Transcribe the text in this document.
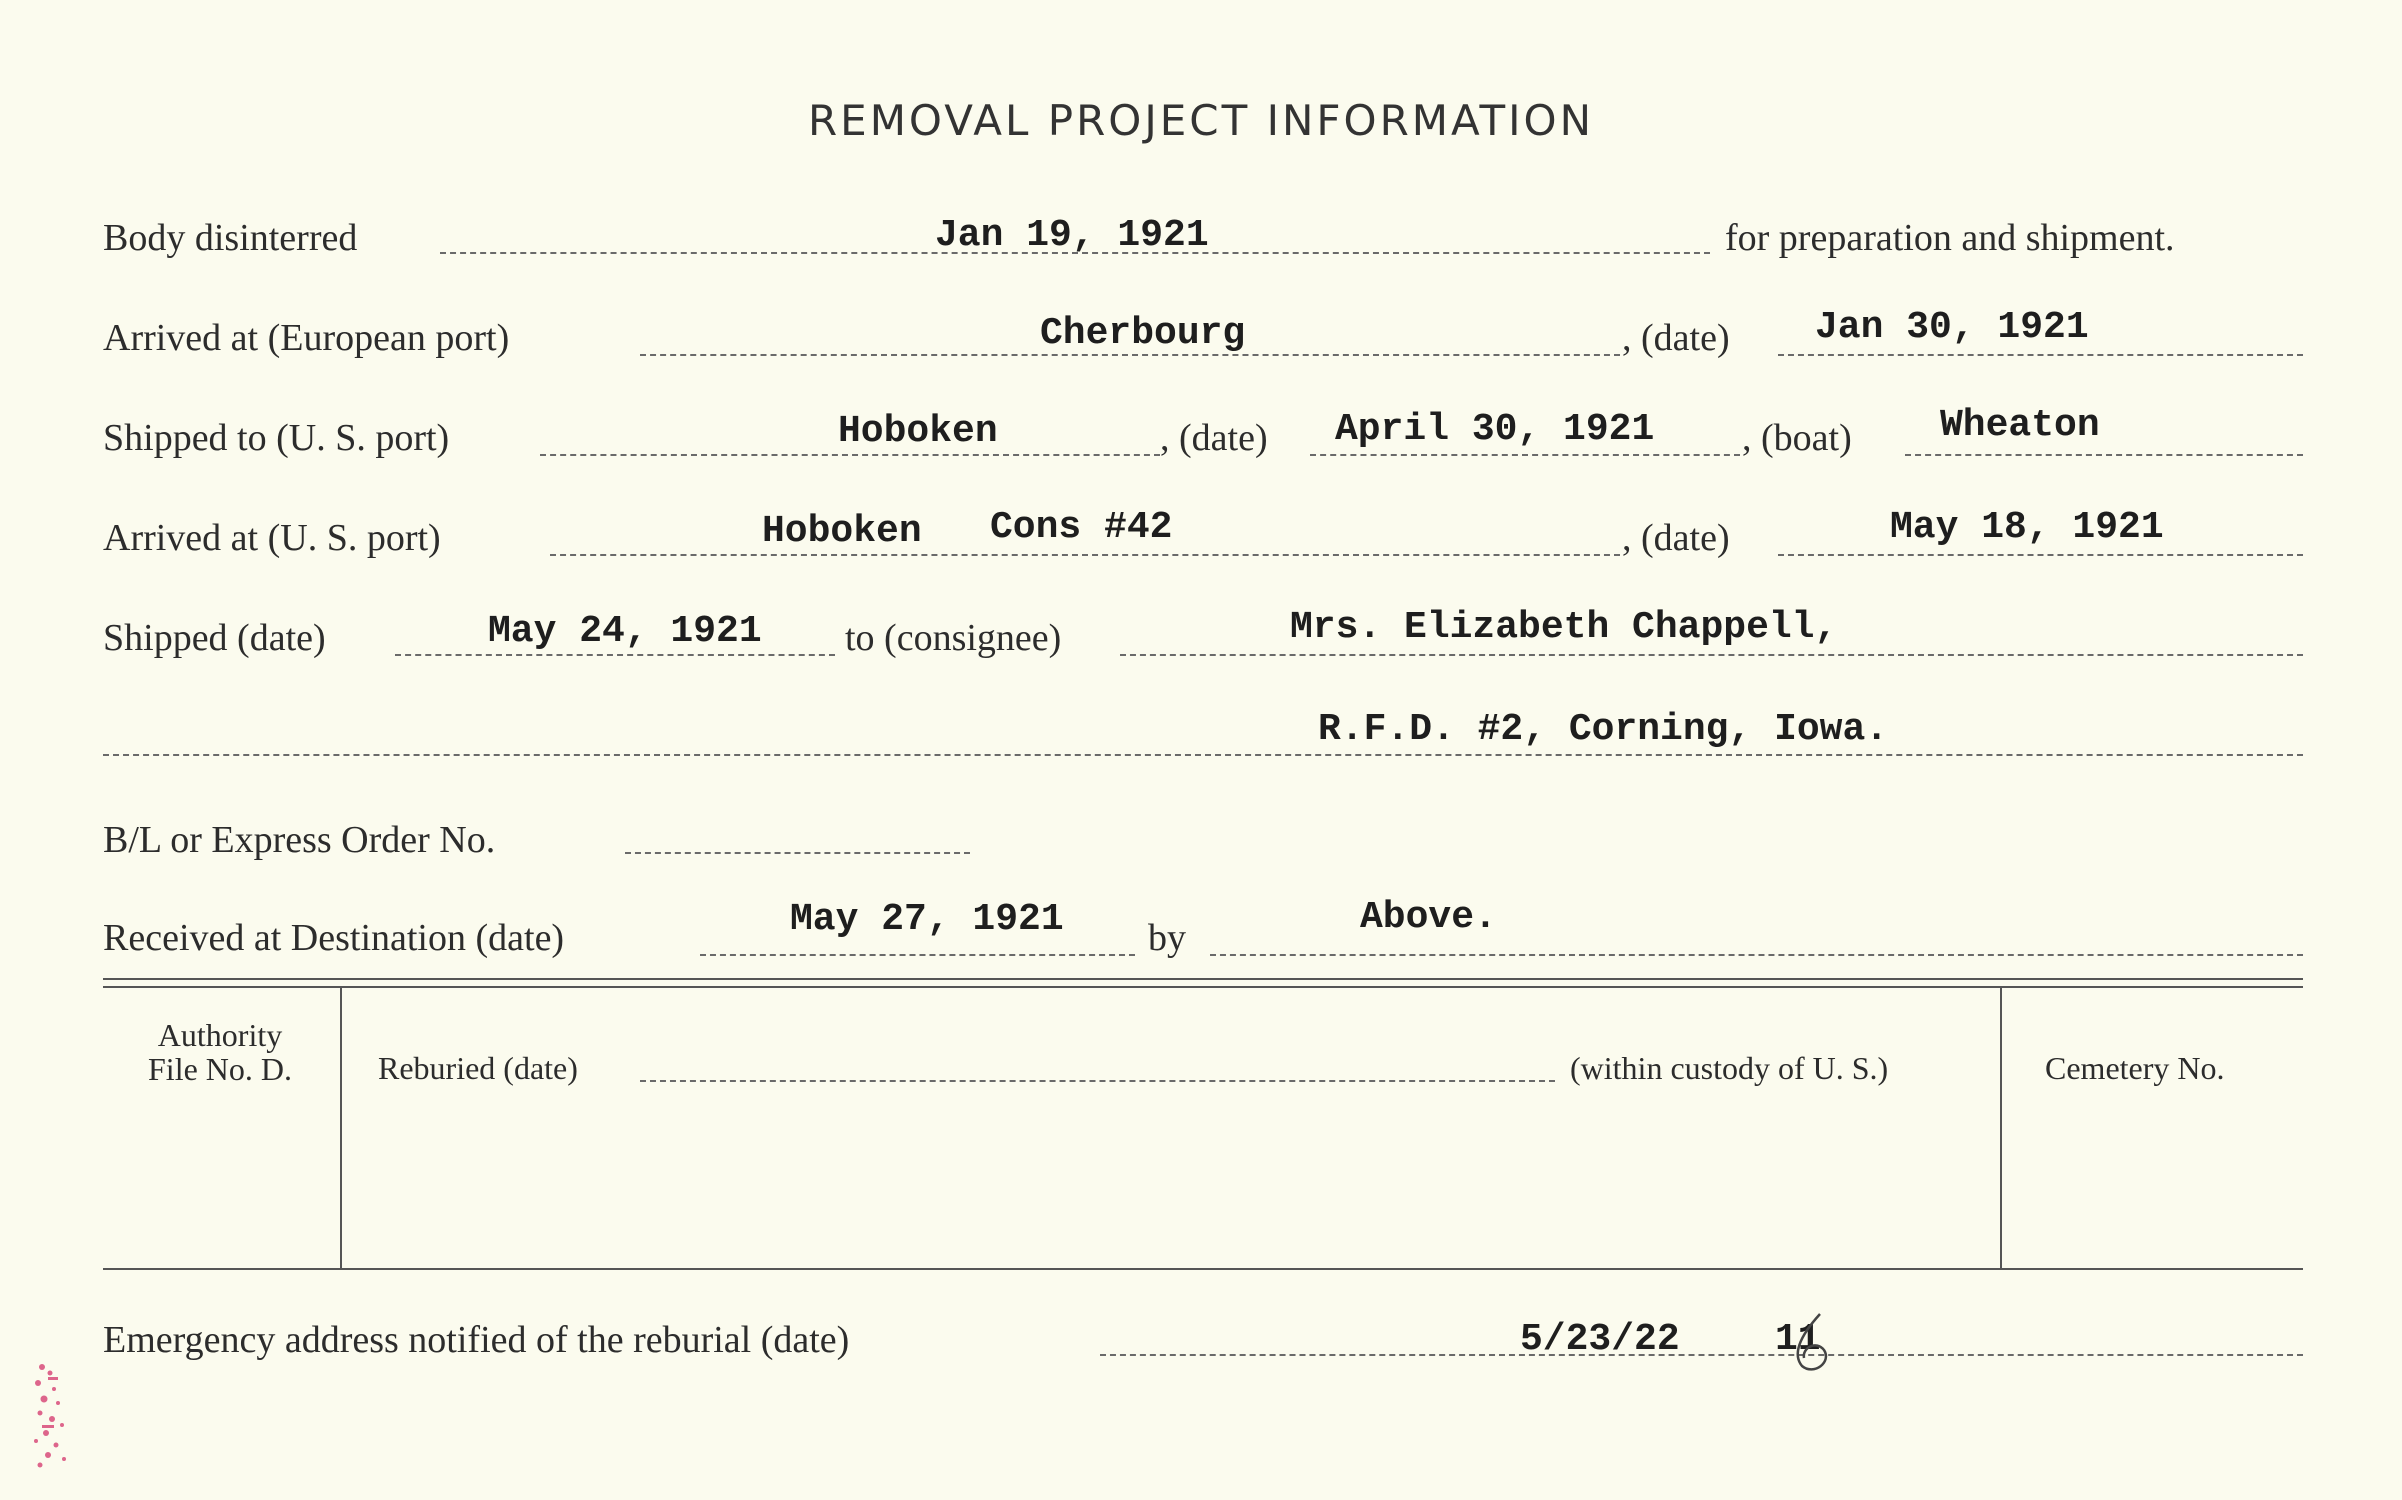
REMOVAL PROJECT INFORMATION
Body disinterred	Jan 19, 1921	for preparation and shipment.
Arrived at (European port)	Cherbourg	, (date) Jan 30, 1921
Shipped to (U. S. port)	Hoboken	, (date) April 30, 1921 , (boat) Wheaton
Arrived at (U. S. port)	Hoboken Cons #42	, (date)	May 18, 1921
Shipped (date)	May 24, 1921 to (consignee)	Mrs. Elizabeth Chappell,
R.F.D. #2, Corning, Iowa.
B/L or Express Order No.
Received at Destination (date)	May 27, 1921 by	Above.
Authority
File No. D.	Reburied (date)	(within custody of U. S.)	Cemetery No.
Emergency address notified of the reburial (date)	5/23/22	11
